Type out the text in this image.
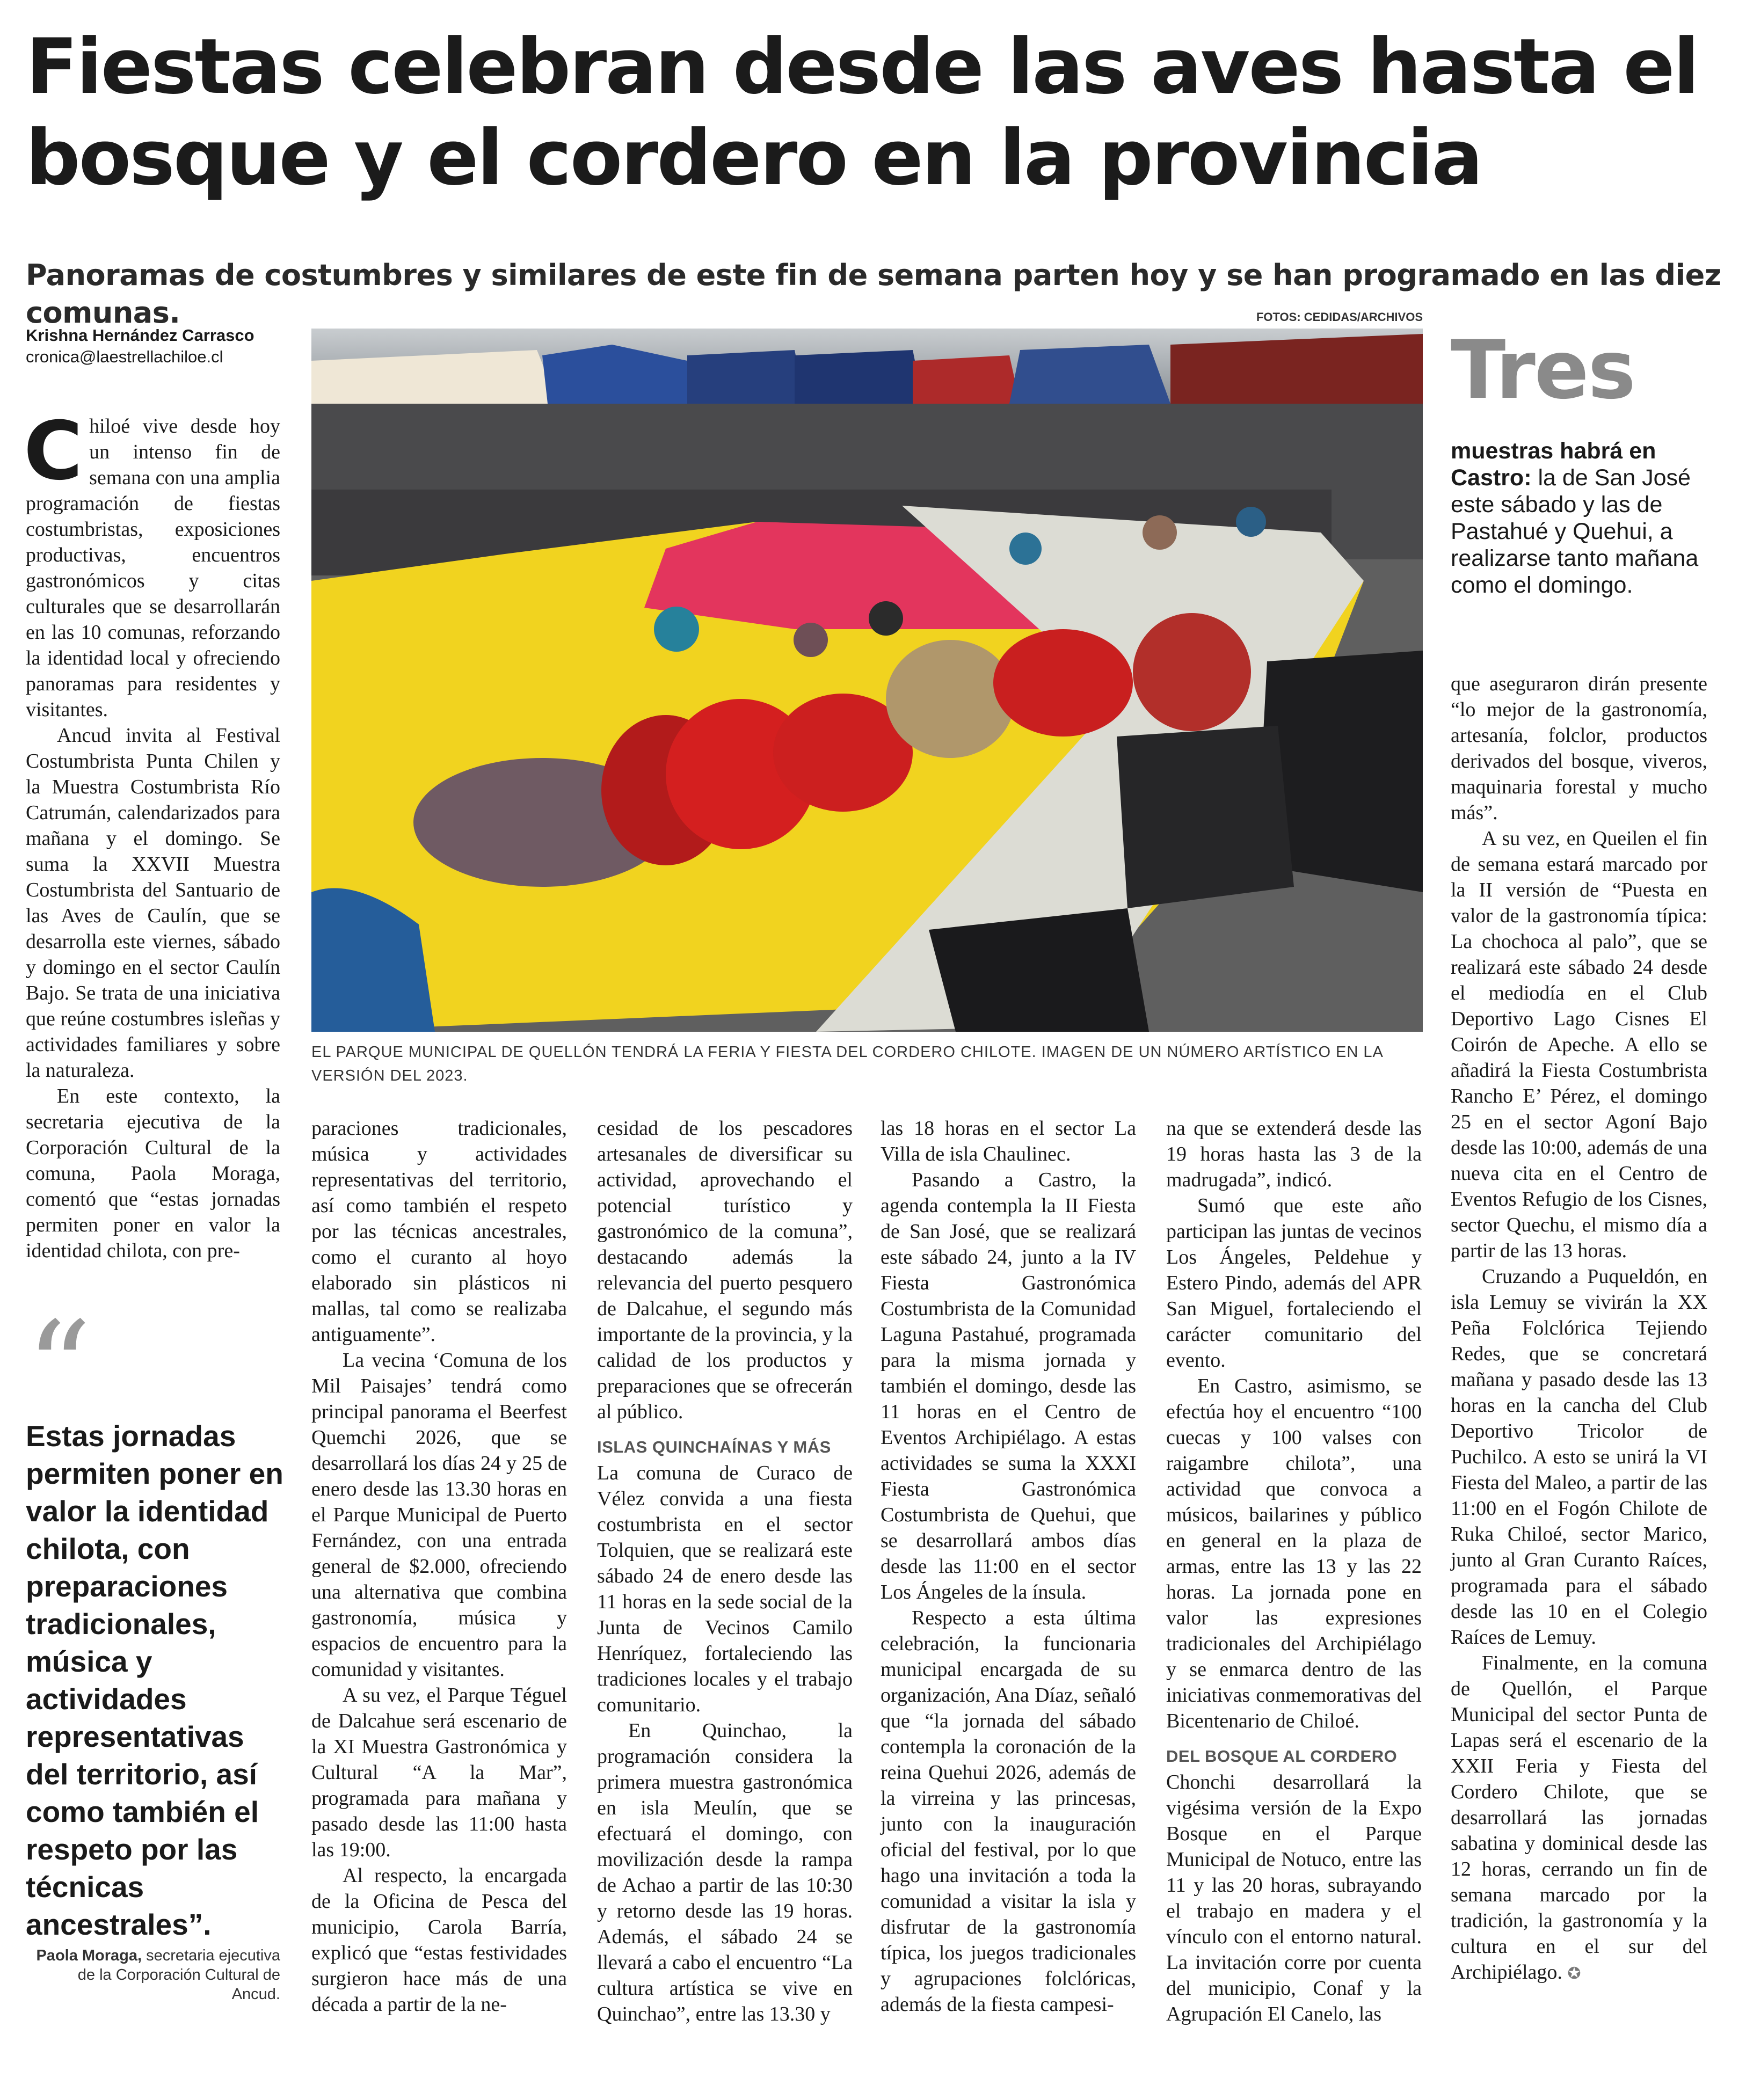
Fiestas celebran desde las aves hasta el bosque y el cordero en la provincia
Panoramas de costumbres y similares de este fin de semana parten hoy y se han programado en las diez comunas.
Krishna Hernández Carrasco
cronica@laestrellachiloe.cl
FOTOS: CEDIDAS/ARCHIVOS
EL PARQUE MUNICIPAL DE QUELLÓN TENDRÁ LA FERIA Y FIESTA DEL CORDERO CHILOTE. IMAGEN DE UN NÚMERO ARTÍSTICO EN LA VERSIÓN DEL 2023.
Tres
muestras habrá en Castro: la de San José este sábado y las de Pastahué y Quehui, a realizarse tanto mañana como el domingo.

Chiloé vive desde hoy un intenso fin de semana con una amplia programación de fiestas costumbristas, exposiciones productivas, encuentros gastronómicos y citas culturales que se desarrollarán en las 10 comunas, reforzando la identidad local y ofreciendo panoramas para residentes y visitantes.

Ancud invita al Festival Costumbrista Punta Chilen y la Muestra Costumbrista Río Catrumán, calendarizados para mañana y el domingo. Se suma la XXVII Muestra Costumbrista del Santuario de las Aves de Caulín, que se desarrolla este viernes, sábado y domingo en el sector Caulín Bajo. Se trata de una iniciativa que reúne costumbres isleñas y actividades familiares y sobre la naturaleza.

En este contexto, la secretaria ejecutiva de la Corporación Cultural de la comuna, Paola Moraga, comentó que “estas jornadas permiten poner en valor la identidad chilota, con pre-

“
Estas jornadas permiten poner en valor la identidad chilota, con preparaciones tradicionales, música y actividades representativas del territorio, así como también el respeto por las técnicas ancestrales”.
Paola Moraga, secretaria ejecutiva de la Corporación Cultural de Ancud.

paraciones tradicionales, música y actividades representativas del territorio, así como también el respeto por las técnicas ancestrales, como el curanto al hoyo elaborado sin plásticos ni mallas, tal como se realizaba antiguamente”.

La vecina ‘Comuna de los Mil Paisajes’ tendrá como principal panorama el Beerfest Quemchi 2026, que se desarrollará los días 24 y 25 de enero desde las 13.30 horas en el Parque Municipal de Puerto Fernández, con una entrada general de $2.000, ofreciendo una alternativa que combina gastronomía, música y espacios de encuentro para la comunidad y visitantes.

A su vez, el Parque Téguel de Dalcahue será escenario de la XI Muestra Gastronómica y Cultural “A la Mar”, programada para mañana y pasado desde las 11:00 hasta las 19:00.

Al respecto, la encargada de la Oficina de Pesca del municipio, Carola Barría, explicó que “estas festividades surgieron hace más de una década a partir de la ne-

cesidad de los pescadores artesanales de diversificar su actividad, aprovechando el potencial turístico y gastronómico de la comuna”, destacando además la relevancia del puerto pesquero de Dalcahue, el segundo más importante de la provincia, y la calidad de los productos y preparaciones que se ofrecerán al público.

ISLAS QUINCHAÍNAS Y MÁS

La comuna de Curaco de Vélez convida a una fiesta costumbrista en el sector Tolquien, que se realizará este sábado 24 de enero desde las 11 horas en la sede social de la Junta de Vecinos Camilo Henríquez, fortaleciendo las tradiciones locales y el trabajo comunitario.

En Quinchao, la programación considera la primera muestra gastronómica en isla Meulín, que se efectuará el domingo, con movilización desde la rampa de Achao a partir de las 10:30 y retorno desde las 19 horas. Además, el sábado 24 se llevará a cabo el encuentro “La cultura artística se vive en Quinchao”, entre las 13.30 y

las 18 horas en el sector La Villa de isla Chaulinec.

Pasando a Castro, la agenda contempla la II Fiesta de San José, que se realizará este sábado 24, junto a la IV Fiesta Gastronómica Costumbrista de la Comunidad Laguna Pastahué, programada para la misma jornada y también el domingo, desde las 11 horas en el Centro de Eventos Archipiélago. A estas actividades se suma la XXXI Fiesta Gastronómica Costumbrista de Quehui, que se desarrollará ambos días desde las 11:00 en el sector Los Ángeles de la ínsula.

Respecto a esta última celebración, la funcionaria municipal encargada de su organización, Ana Díaz, señaló que “la jornada del sábado contempla la coronación de la reina Quehui 2026, además de la virreina y las princesas, junto con la inauguración oficial del festival, por lo que hago una invitación a toda la comunidad a visitar la isla y disfrutar de la gastronomía típica, los juegos tradicionales y agrupaciones folclóricas, además de la fiesta campesi-

na que se extenderá desde las 19 horas hasta las 3 de la madrugada”, indicó.

Sumó que este año participan las juntas de vecinos Los Ángeles, Peldehue y Estero Pindo, además del APR San Miguel, fortaleciendo el carácter comunitario del evento.

En Castro, asimismo, se efectúa hoy el encuentro “100 cuecas y 100 valses con raigambre chilota”, una actividad que convoca a músicos, bailarines y público en general en la plaza de armas, entre las 13 y las 22 horas. La jornada pone en valor las expresiones tradicionales del Archipiélago y se enmarca dentro de las iniciativas conmemorativas del Bicentenario de Chiloé.

DEL BOSQUE AL CORDERO

Chonchi desarrollará la vigésima versión de la Expo Bosque en el Parque Municipal de Notuco, entre las 11 y las 20 horas, subrayando el trabajo en madera y el vínculo con el entorno natural. La invitación corre por cuenta del municipio, Conaf y la Agrupación El Canelo, las

que aseguraron dirán presente “lo mejor de la gastronomía, artesanía, folclor, productos derivados del bosque, viveros, maquinaria forestal y mucho más”.

A su vez, en Queilen el fin de semana estará marcado por la II versión de “Puesta en valor de la gastronomía típica: La chochoca al palo”, que se realizará este sábado 24 desde el mediodía en el Club Deportivo Lago Cisnes El Coirón de Apeche. A ello se añadirá la Fiesta Costumbrista Rancho E’ Pérez, el domingo 25 en el sector Agoní Bajo desde las 10:00, además de una nueva cita en el Centro de Eventos Refugio de los Cisnes, sector Quechu, el mismo día a partir de las 13 horas.

Cruzando a Puqueldón, en isla Lemuy se vivirán la XX Peña Folclórica Tejiendo Redes, que se concretará mañana y pasado desde las 13 horas en la cancha del Club Deportivo Tricolor de Puchilco. A esto se unirá la VI Fiesta del Maleo, a partir de las 11:00 en el Fogón Chilote de Ruka Chiloé, sector Marico, junto al Gran Curanto Raíces, programada para el sábado desde las 10 en el Colegio Raíces de Lemuy.

Finalmente, en la comuna de Quellón, el Parque Municipal del sector Punta de Lapas será el escenario de la XXII Feria y Fiesta del Cordero Chilote, que se desarrollará las jornadas sabatina y dominical desde las 12 horas, cerrando un fin de semana marcado por la tradición, la gastronomía y la cultura en el sur del Archipiélago. ✪
